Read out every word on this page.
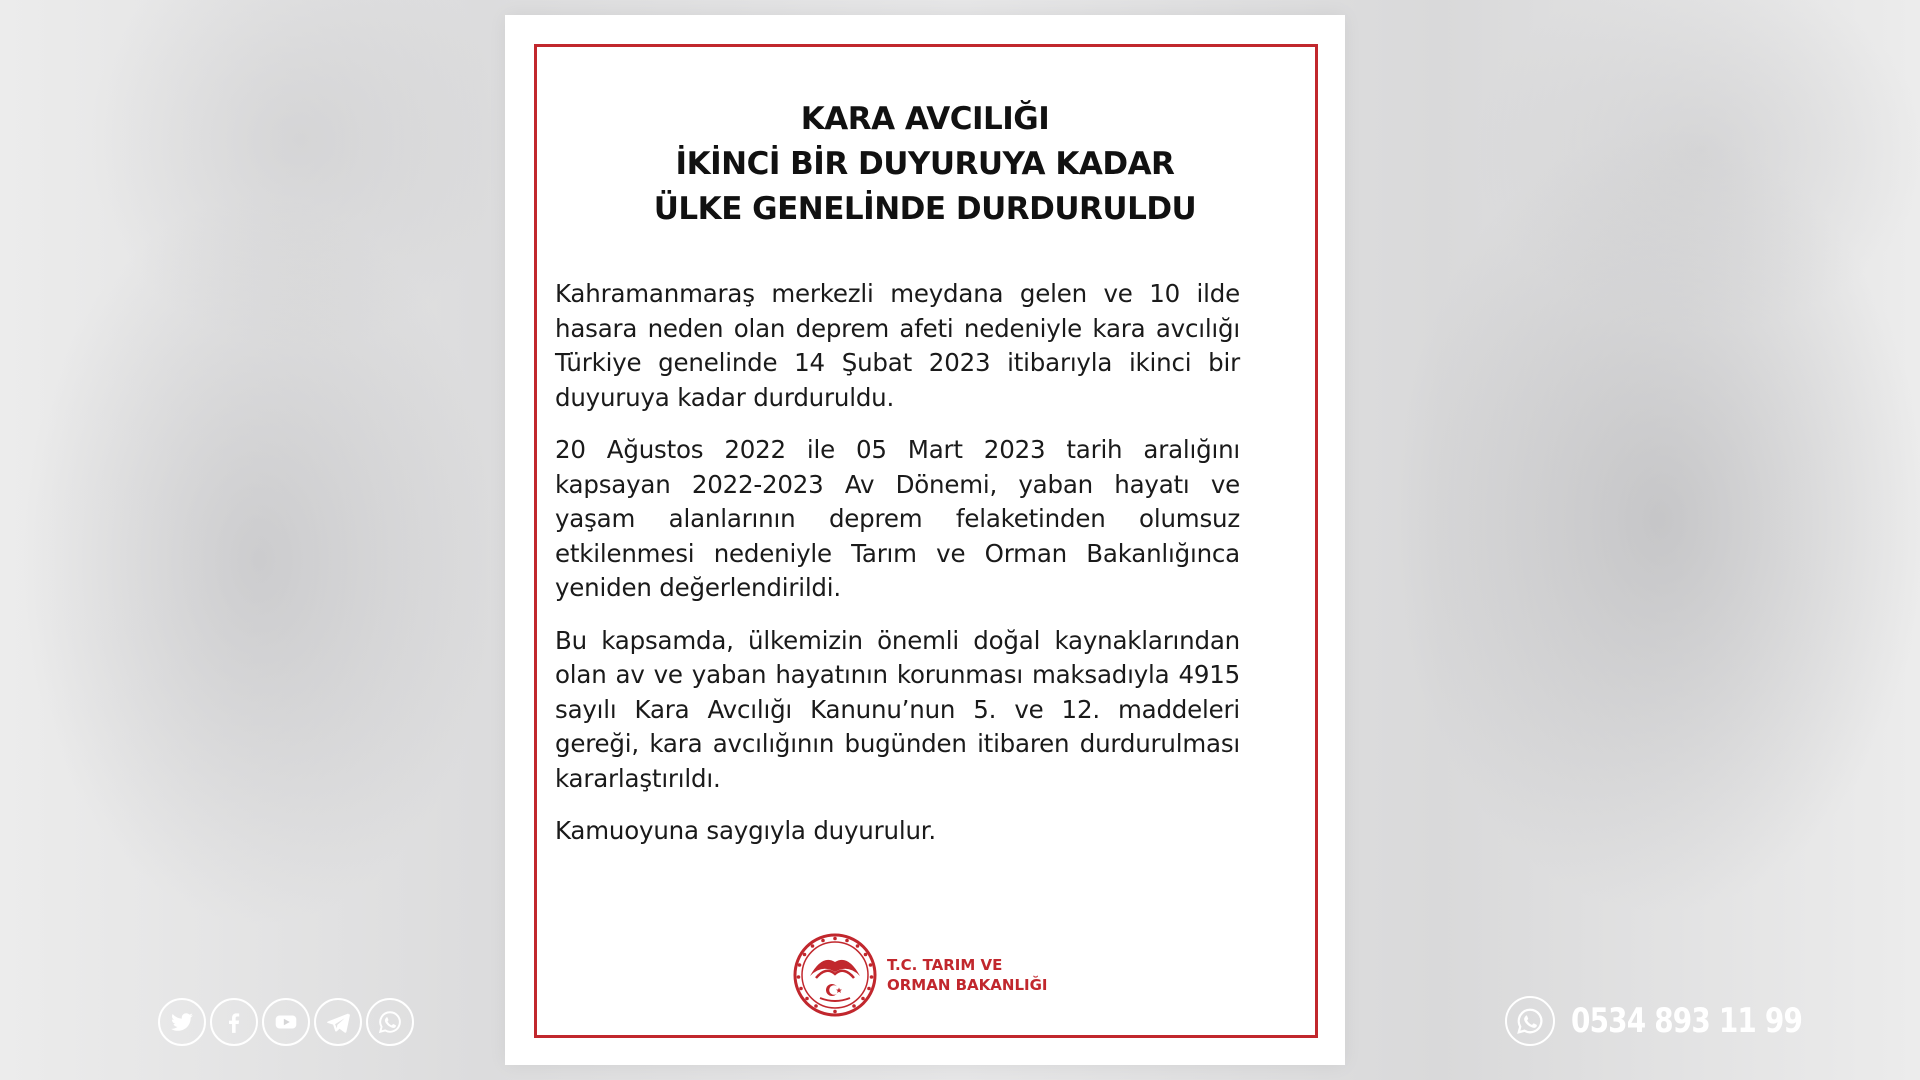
KARA AVCILIĞI
İKİNCİ BİR DUYURUYA KADAR
ÜLKE GENELİNDE DURDURULDU

Kahramanmaraş merkezli meydana gelen ve 10 ilde hasara neden olan deprem afeti nedeniyle kara avcılığı Türkiye genelinde 14 Şubat 2023 itibarıyla ikinci bir duyuruya kadar durduruldu.

20 Ağustos 2022 ile 05 Mart 2023 tarih aralığını kapsayan 2022-2023 Av Dönemi, yaban hayatı ve yaşam alanlarının deprem felaketinden olumsuz etkilenmesi nedeniyle Tarım ve Orman Bakanlığınca yeniden değerlendirildi.

Bu kapsamda, ülkemizin önemli doğal kaynaklarından olan av ve yaban hayatının korunması maksadıyla 4915 sayılı Kara Avcılığı Kanunu’nun 5. ve 12. maddeleri gereği, kara avcılığının bugünden itibaren durdurulması kararlaştırıldı.

Kamuoyuna saygıyla duyurulur.

T.C. TARIM VE
ORMAN BAKANLIĞI
0534 893 11 99
